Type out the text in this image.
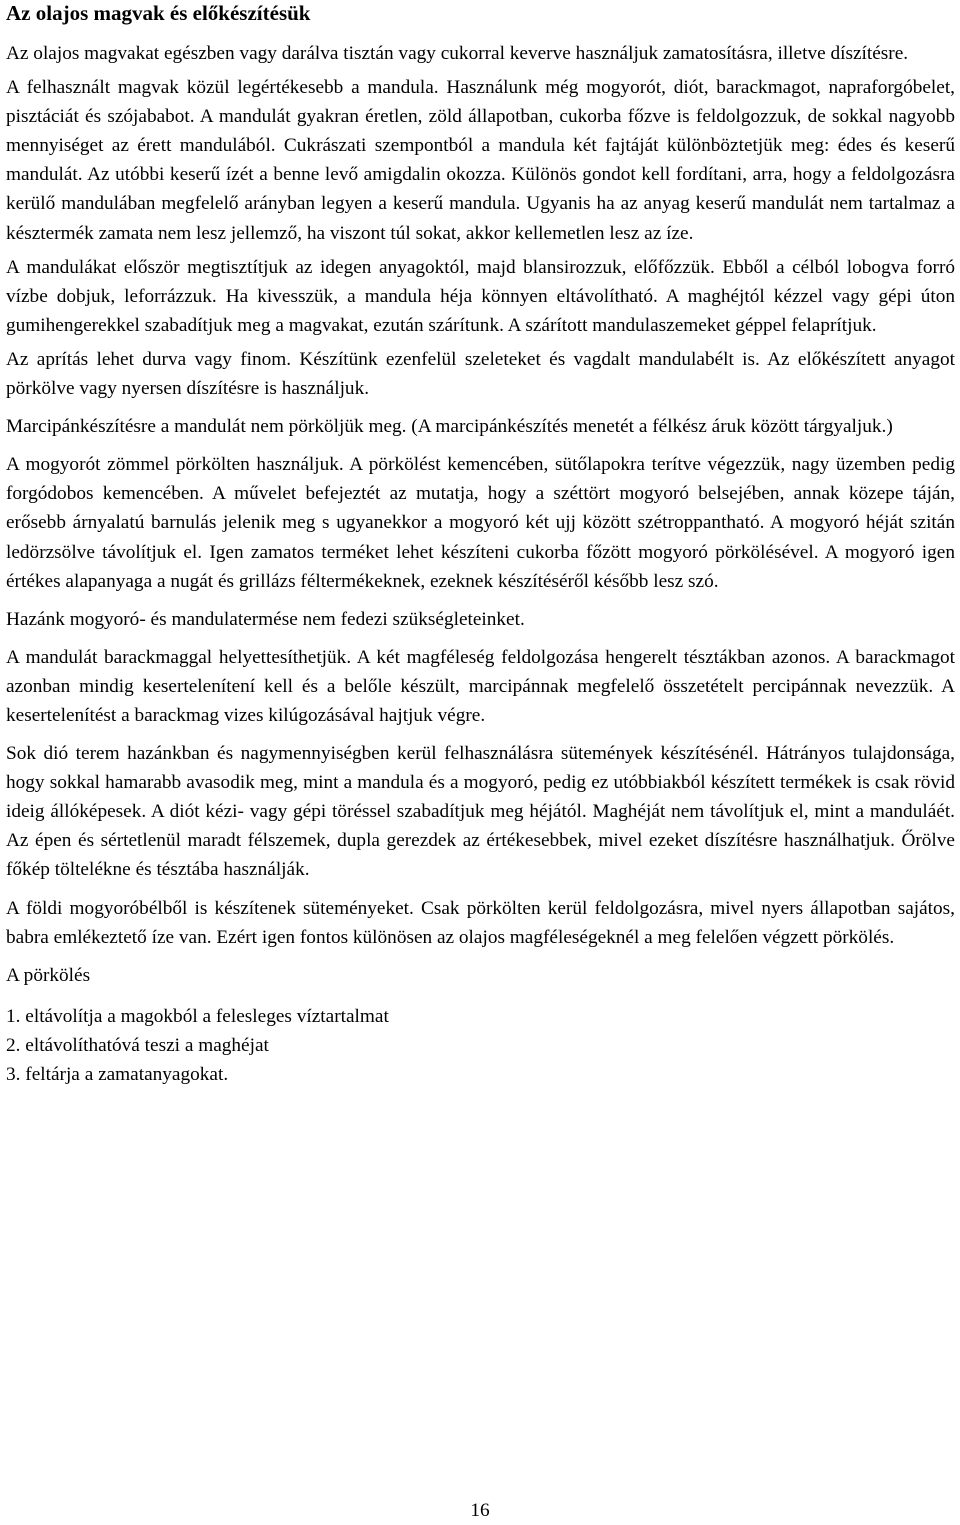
Az olajos magvak és előkészítésük

Az olajos magvakat egészben vagy darálva tisztán vagy cukorral keverve használjuk zamatosításra, illetve díszítésre.

A felhasznált magvak közül legértékesebb a mandula. Használunk még mogyorót, diót, barackmagot, napraforgóbelet, pisztáciát és szójababot. A mandulát gyakran éretlen, zöld állapotban, cukorba főzve is feldolgozzuk, de sokkal nagyobb mennyiséget az érett mandulából. Cukrászati szempontból a mandula két fajtáját különböztetjük meg: édes és keserű mandulát. Az utóbbi keserű ízét a benne levő amigdalin okozza. Különös gondot kell fordítani, arra, hogy a feldolgozásra kerülő mandulában megfelelő arányban legyen a keserű mandula. Ugyanis ha az anyag keserű mandulát nem tartalmaz a késztermék zamata nem lesz jellemző, ha viszont túl sokat, akkor kellemetlen lesz az íze.

A mandulákat először megtisztítjuk az idegen anyagoktól, majd blansirozzuk, előfőzzük. Ebből a célból lobogva forró vízbe dobjuk, leforrázzuk. Ha kivesszük, a mandula héja könnyen eltávolítható. A maghéjtól kézzel vagy gépi úton gumihengerekkel szabadítjuk meg a magvakat, ezután szárítunk. A szárított mandulaszemeket géppel felaprítjuk.

Az aprítás lehet durva vagy finom. Készítünk ezenfelül szeleteket és vagdalt mandulabélt is. Az előkészített anyagot pörkölve vagy nyersen díszítésre is használjuk.

Marcipánkészítésre a mandulát nem pörköljük meg. (A marcipánkészítés menetét a félkész áruk között tárgyaljuk.)

A mogyorót zömmel pörkölten használjuk. A pörkölést kemencében, sütőlapokra terítve végezzük, nagy üzemben pedig forgódobos kemencében. A művelet befejeztét az mutatja, hogy a széttört mogyoró belsejében, annak közepe táján, erősebb árnyalatú barnulás jelenik meg s ugyanekkor a mogyoró két ujj között szétroppantható. A mogyoró héját szitán ledörzsölve távolítjuk el. Igen zamatos terméket lehet készíteni cukorba főzött mogyoró pörkölésével. A mogyoró igen értékes alapanyaga a nugát és grillázs féltermékeknek, ezeknek készítéséről később lesz szó.

Hazánk mogyoró- és mandulatermése nem fedezi szükségleteinket.

A mandulát barackmaggal helyettesíthetjük. A két magféleség feldolgozása hengerelt tésztákban azonos. A barackmagot azonban mindig kesertelenítení kell és a belőle készült, marcipánnak megfelelő összetételt percipánnak nevezzük. A kesertelenítést a barackmag vizes kilúgozásával hajtjuk végre.

Sok dió terem hazánkban és nagymennyiségben kerül felhasználásra sütemények készítésénél. Hátrányos tulajdonsága, hogy sokkal hamarabb avasodik meg, mint a mandula és a mogyoró, pedig ez utóbbiakból készített termékek is csak rövid ideig állóképesek. A diót kézi- vagy gépi töréssel szabadítjuk meg héjától. Maghéját nem távolítjuk el, mint a manduláét. Az épen és sértetlenül maradt félszemek, dupla gerezdek az értékesebbek, mivel ezeket díszítésre használhatjuk. Őrölve főkép töltelékne és tésztába használják.

A földi mogyoróbélből is készítenek süteményeket. Csak pörkölten kerül feldolgozásra, mivel nyers állapotban sajátos, babra emlékeztető íze van. Ezért igen fontos különösen az olajos magféleségeknél a meg felelően végzett pörkölés.

A pörkölés

1. eltávolítja a magokból a felesleges víztartalmat
2. eltávolíthatóvá teszi a maghéjat
3. feltárja a zamatanyagokat.
16
